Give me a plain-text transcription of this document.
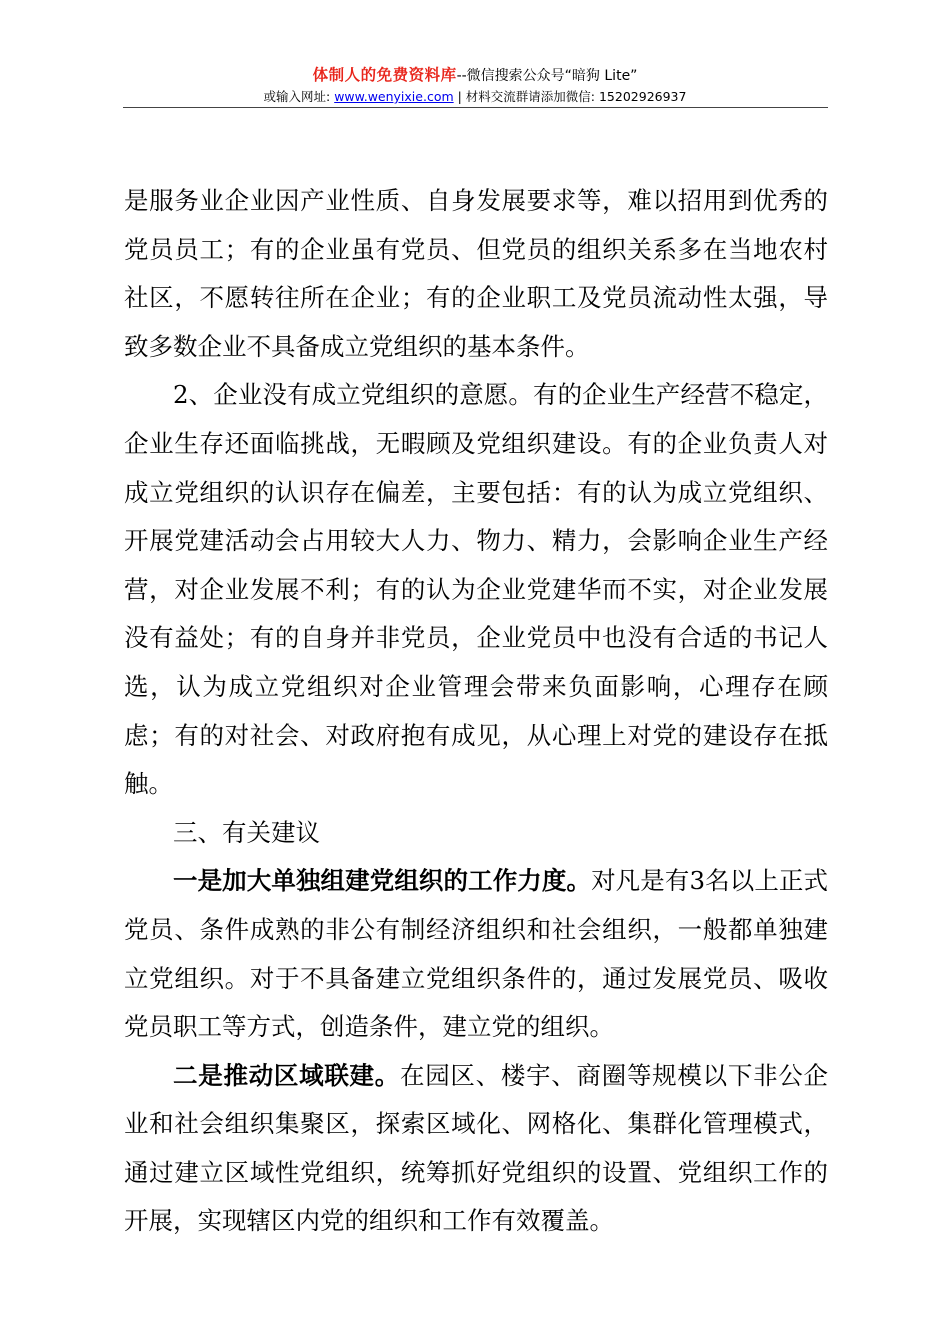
体制人的免费资料库--微信搜索公众号“暗狗 Lite”
或输入网址: www.wenyixie.com | 材料交流群请添加微信: 15202926937

是服务业企业因产业性质、自身发展要求等，难以招用到优秀的党员员工；有的企业虽有党员、但党员的组织关系多在当地农村社区，不愿转往所在企业；有的企业职工及党员流动性太强，导致多数企业不具备成立党组织的基本条件。

2、企业没有成立党组织的意愿。有的企业生产经营不稳定，企业生存还面临挑战，无暇顾及党组织建设。有的企业负责人对成立党组织的认识存在偏差，主要包括：有的认为成立党组织、开展党建活动会占用较大人力、物力、精力，会影响企业生产经营，对企业发展不利；有的认为企业党建华而不实，对企业发展没有益处；有的自身并非党员，企业党员中也没有合适的书记人选，认为成立党组织对企业管理会带来负面影响，心理存在顾虑；有的对社会、对政府抱有成见，从心理上对党的建设存在抵触。

三、有关建议

一是加大单独组建党组织的工作力度。对凡是有3名以上正式党员、条件成熟的非公有制经济组织和社会组织，一般都单独建立党组织。对于不具备建立党组织条件的，通过发展党员、吸收党员职工等方式，创造条件，建立党的组织。

二是推动区域联建。在园区、楼宇、商圈等规模以下非公企业和社会组织集聚区，探索区域化、网格化、集群化管理模式，通过建立区域性党组织，统筹抓好党组织的设置、党组织工作的开展，实现辖区内党的组织和工作有效覆盖。
